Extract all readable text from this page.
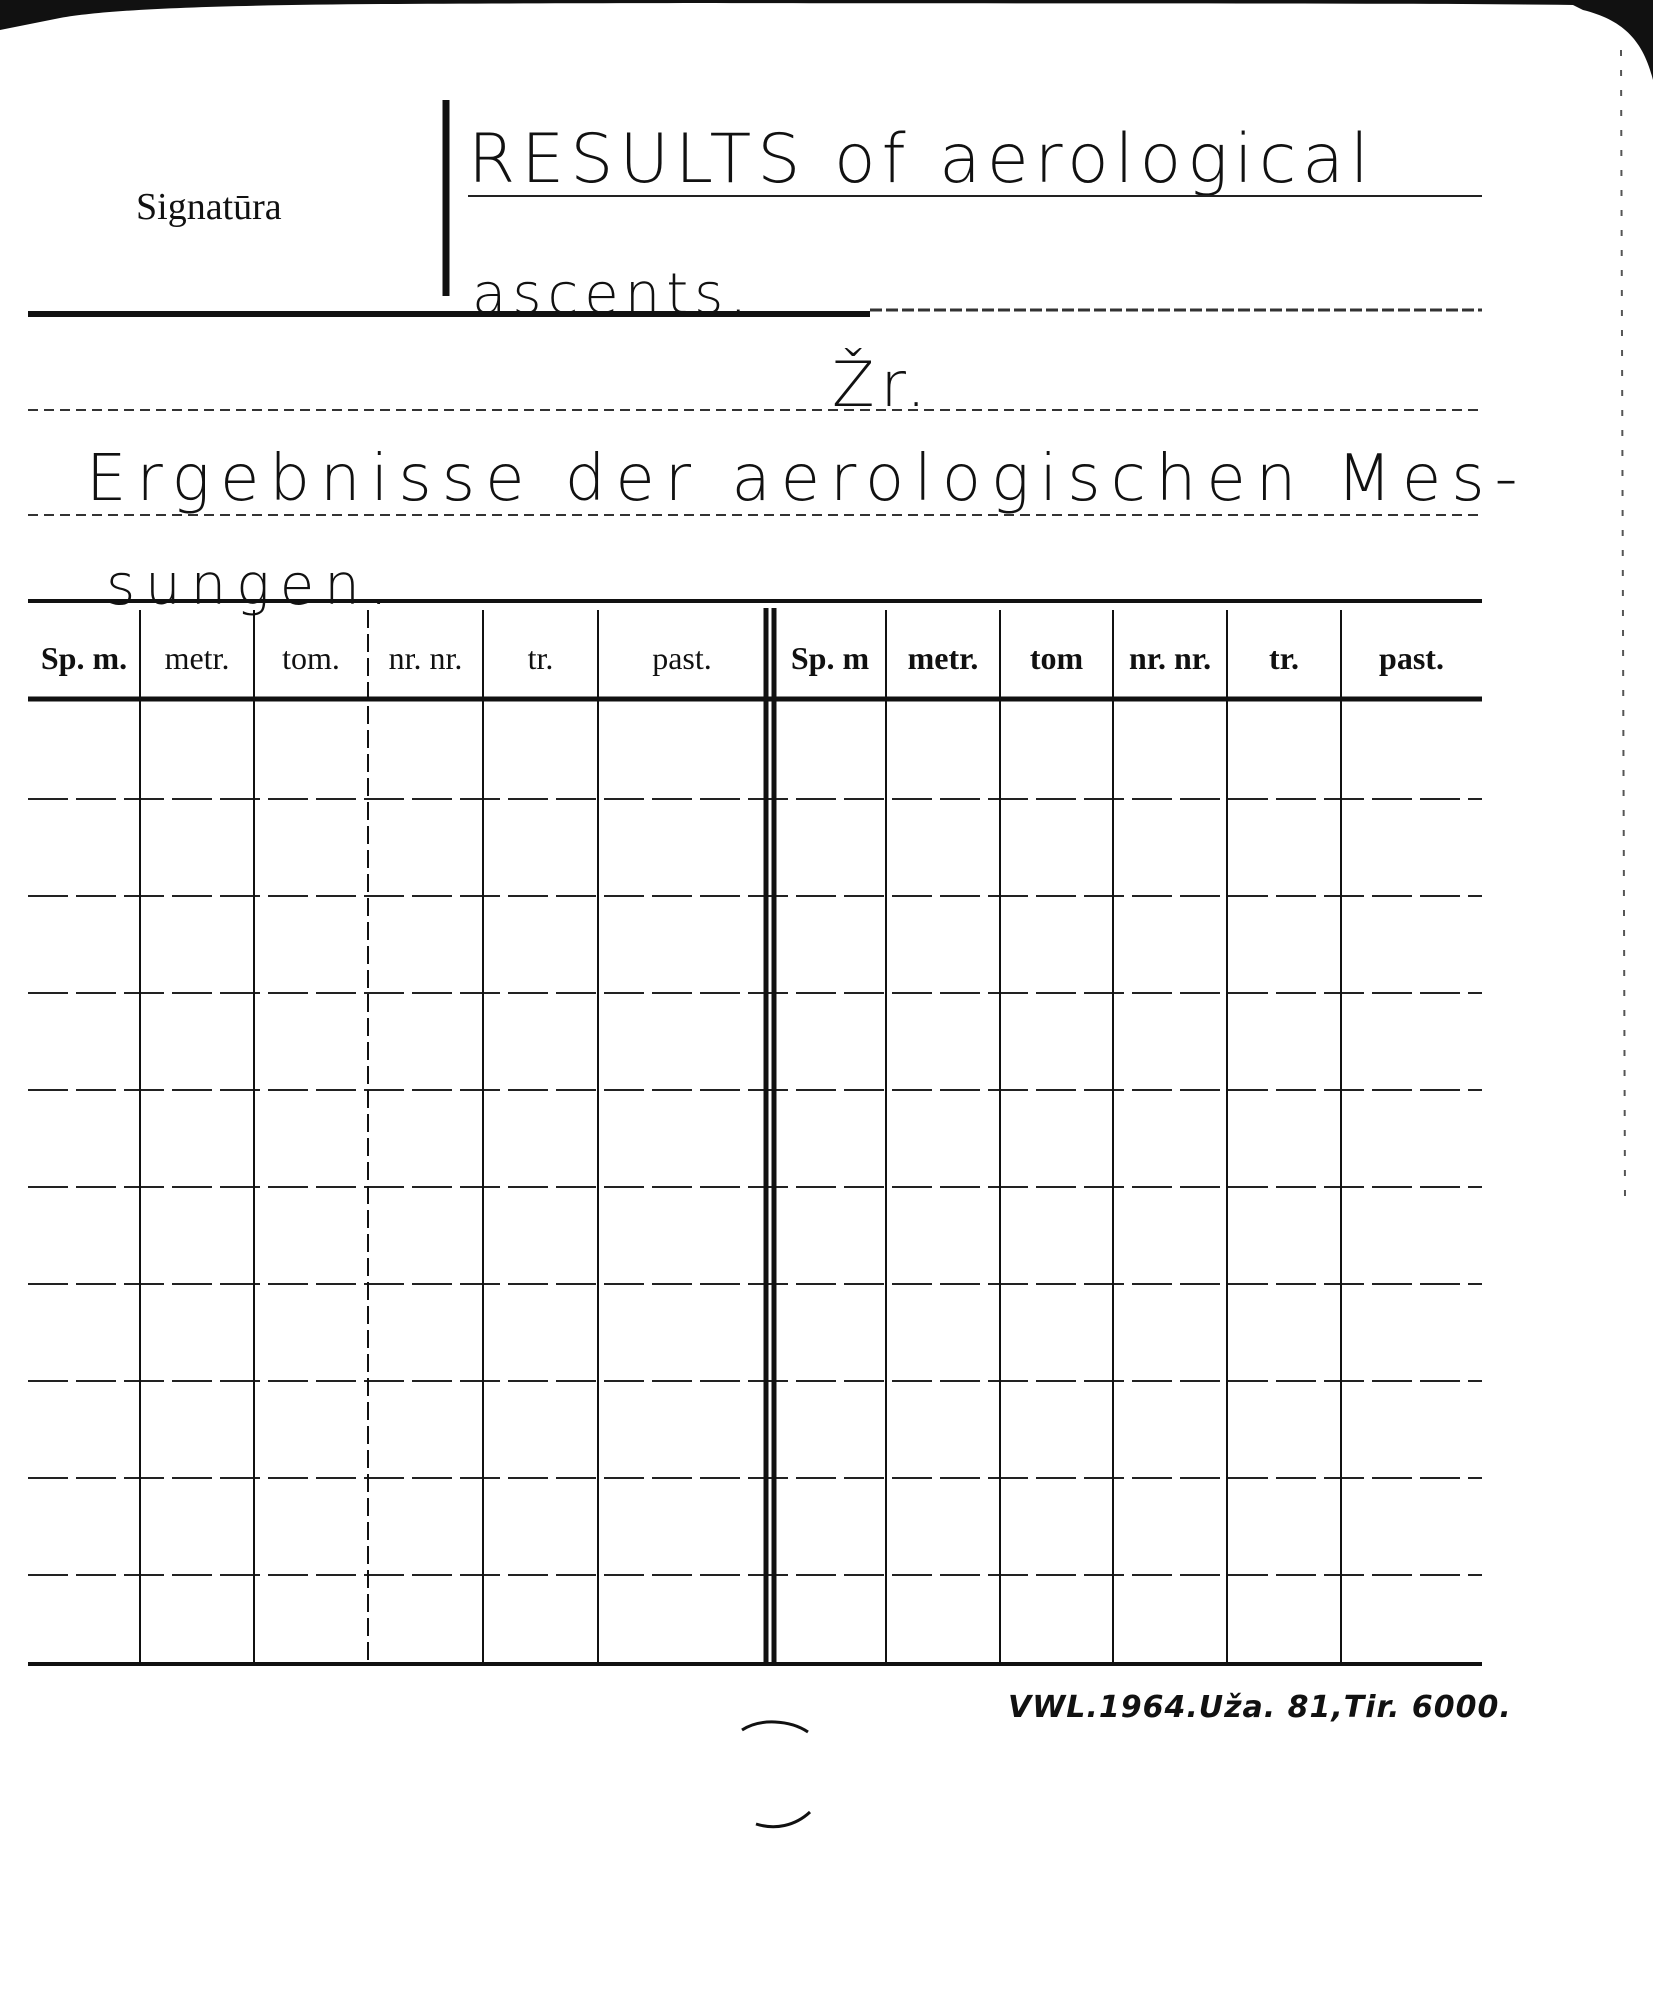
Signatūra
RESULTS of aerological
ascents.
Žr.
Ergebnisse der aerologischen Mes-
sungen.
Sp. m.	metr.	tom.	nr. nr.	tr.	past.	Sp. m	metr.	tom	nr. nr.	tr.	past.
VWL.1964.Uža. 81,Tir. 6000.
